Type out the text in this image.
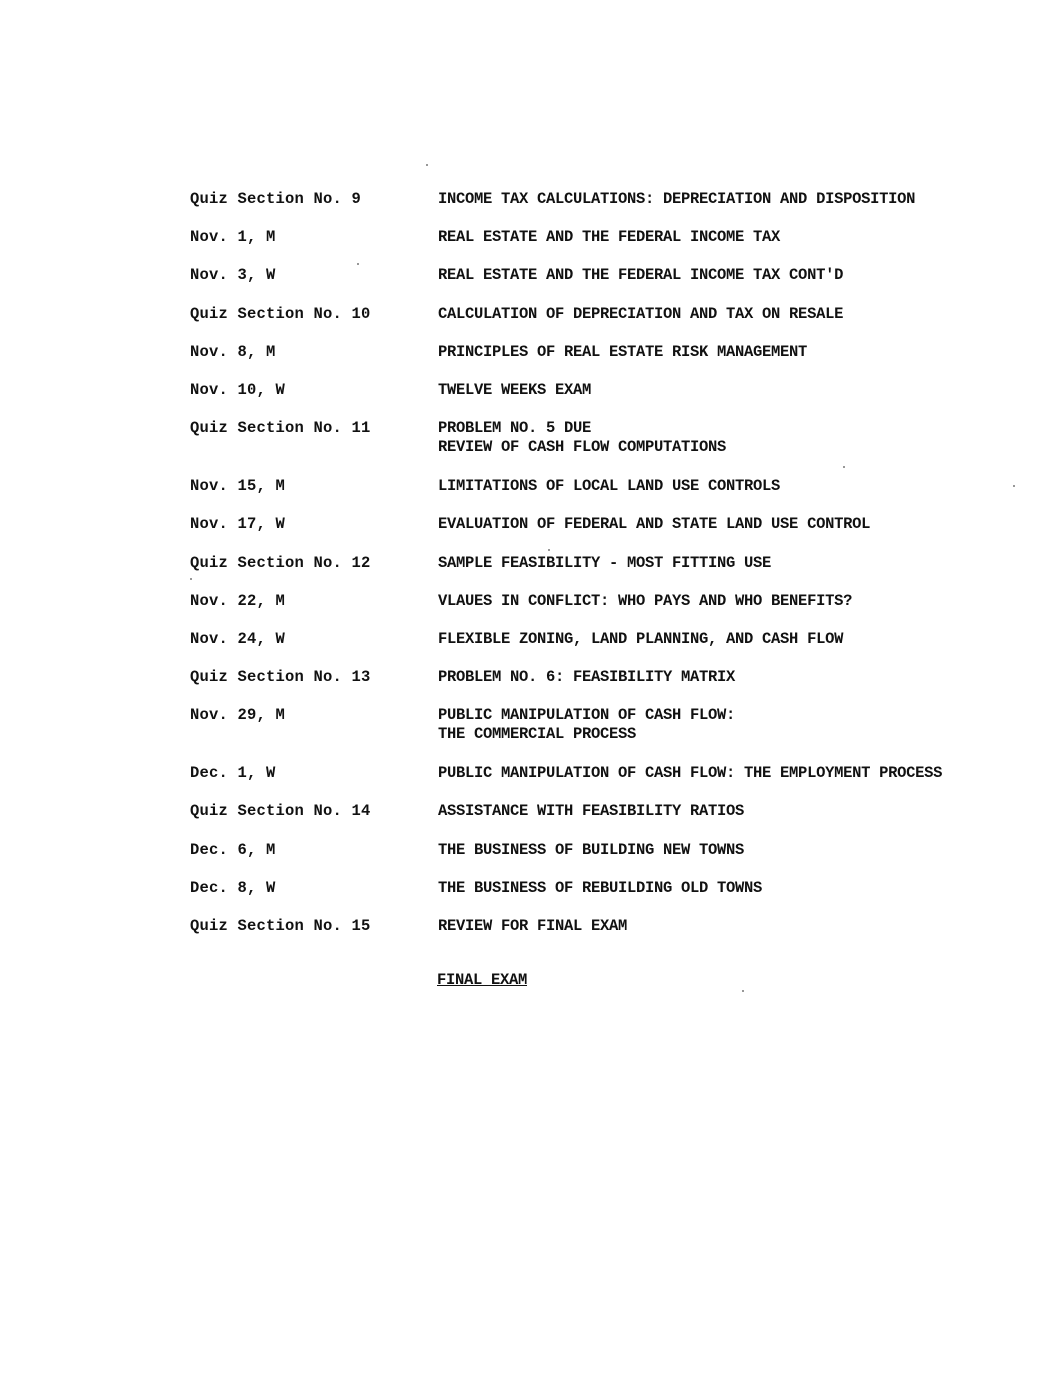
Quiz Section No. 9	INCOME TAX CALCULATIONS: DEPRECIATION AND DISPOSITION
Nov. 1, M	REAL ESTATE AND THE FEDERAL INCOME TAX
Nov. 3, W	REAL ESTATE AND THE FEDERAL INCOME TAX CONT'D
Quiz Section No. 10	CALCULATION OF DEPRECIATION AND TAX ON RESALE
Nov. 8, M	PRINCIPLES OF REAL ESTATE RISK MANAGEMENT
Nov. 10, W	TWELVE WEEKS EXAM
Quiz Section No. 11	PROBLEM NO. 5 DUE
REVIEW OF CASH FLOW COMPUTATIONS
Nov. 15, M	LIMITATIONS OF LOCAL LAND USE CONTROLS
Nov. 17, W	EVALUATION OF FEDERAL AND STATE LAND USE CONTROL
Quiz Section No. 12	SAMPLE FEASIBILITY - MOST FITTING USE
Nov. 22, M	VLAUES IN CONFLICT: WHO PAYS AND WHO BENEFITS?
Nov. 24, W	FLEXIBLE ZONING, LAND PLANNING, AND CASH FLOW
Quiz Section No. 13	PROBLEM NO. 6: FEASIBILITY MATRIX
Nov. 29, M	PUBLIC MANIPULATION OF CASH FLOW:
THE COMMERCIAL PROCESS
Dec. 1, W	PUBLIC MANIPULATION OF CASH FLOW: THE EMPLOYMENT PROCESS
Quiz Section No. 14	ASSISTANCE WITH FEASIBILITY RATIOS
Dec. 6, M	THE BUSINESS OF BUILDING NEW TOWNS
Dec. 8, W	THE BUSINESS OF REBUILDING OLD TOWNS
Quiz Section No. 15	REVIEW FOR FINAL EXAM
FINAL EXAM
